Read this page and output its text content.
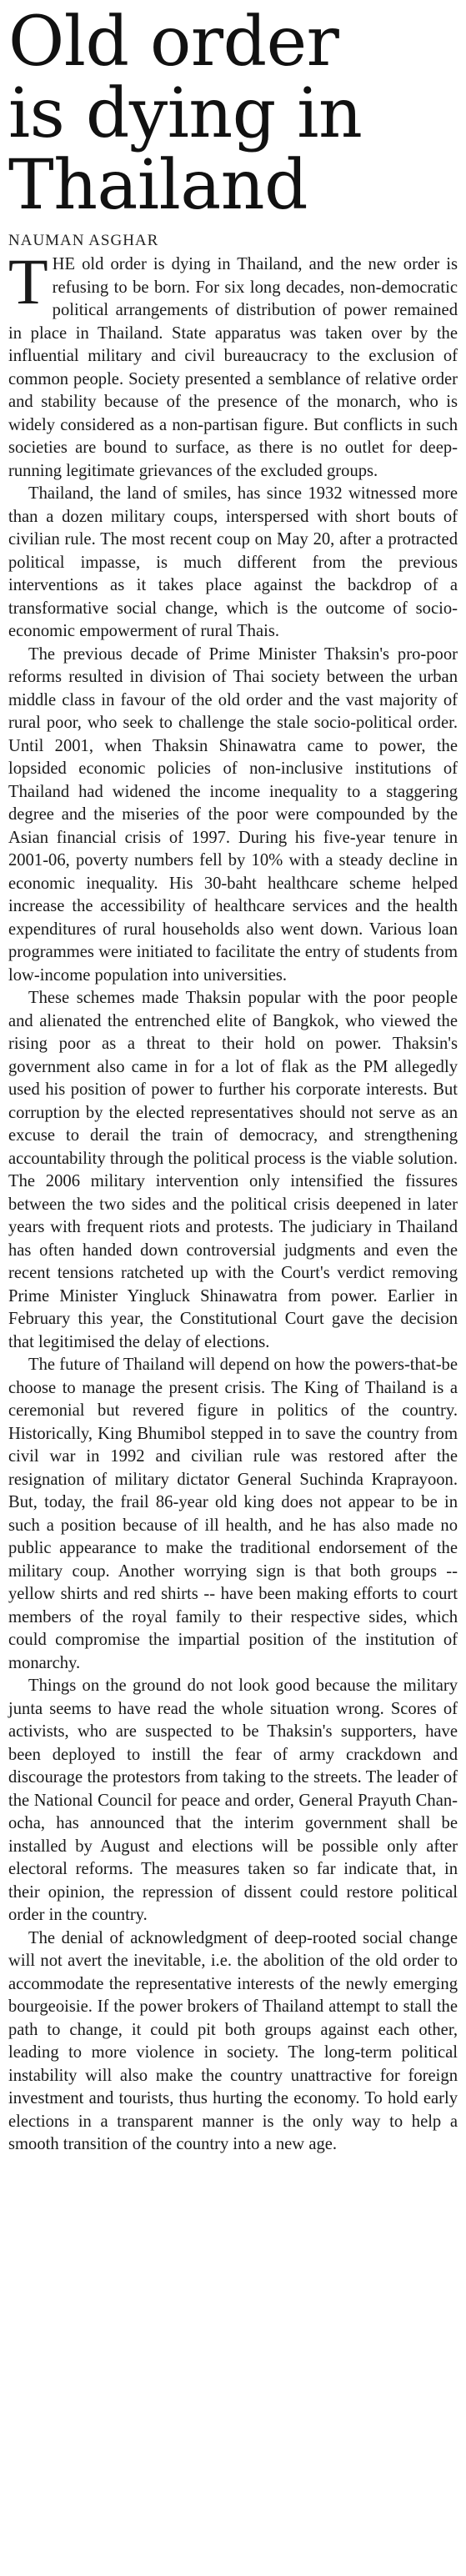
Old order
is dying in
Thailand
NAUMAN ASGHAR

THE old order is dying in Thailand, and the new order is refusing to be born. For six long decades, non-democratic political arrangements of distribution of power remained in place in Thailand. State apparatus was taken over by the influential military and civil bureaucracy to the exclusion of common people. Society presented a semblance of relative order and stability because of the presence of the monarch, who is widely considered as a non-partisan figure. But conflicts in such societies are bound to surface, as there is no outlet for deep-running legitimate grievances of the excluded groups.

Thailand, the land of smiles, has since 1932 witnessed more than a dozen military coups, interspersed with short bouts of civilian rule. The most recent coup on May 20, after a protracted political impasse, is much different from the previous interventions as it takes place against the backdrop of a transformative social change, which is the outcome of socio-economic empowerment of rural Thais.

The previous decade of Prime Minister Thaksin's pro-poor reforms resulted in division of Thai society between the urban middle class in favour of the old order and the vast majority of rural poor, who seek to challenge the stale socio-political order. Until 2001, when Thaksin Shinawatra came to power, the lopsided economic policies of non-inclusive institutions of Thailand had widened the income inequality to a staggering degree and the miseries of the poor were compounded by the Asian financial crisis of 1997. During his five-year tenure in 2001-06, poverty numbers fell by 10% with a steady decline in economic inequality. His 30-baht healthcare scheme helped increase the accessibility of healthcare services and the health expenditures of rural households also went down. Various loan programmes were initiated to facilitate the entry of students from low-income population into universities.

These schemes made Thaksin popular with the poor people and alienated the entrenched elite of Bangkok, who viewed the rising poor as a threat to their hold on power. Thaksin's government also came in for a lot of flak as the PM allegedly used his position of power to further his corporate interests. But corruption by the elected representatives should not serve as an excuse to derail the train of democracy, and strengthening accountability through the political process is the viable solution. The 2006 military intervention only intensified the fissures between the two sides and the political crisis deepened in later years with frequent riots and protests. The judiciary in Thailand has often handed down controversial judgments and even the recent tensions ratcheted up with the Court's verdict removing Prime Minister Yingluck Shinawatra from power. Earlier in February this year, the Constitutional Court gave the decision that legitimised the delay of elections.

The future of Thailand will depend on how the powers-that-be choose to manage the present crisis. The King of Thailand is a ceremonial but revered figure in politics of the country. Historically, King Bhumibol stepped in to save the country from civil war in 1992 and civilian rule was restored after the resignation of military dictator General Suchinda Kraprayoon. But, today, the frail 86-year old king does not appear to be in such a position because of ill health, and he has also made no public appearance to make the traditional endorsement of the military coup. Another worrying sign is that both groups -- yellow shirts and red shirts -- have been making efforts to court members of the royal family to their respective sides, which could compromise the impartial position of the institution of monarchy.

Things on the ground do not look good because the military junta seems to have read the whole situation wrong. Scores of activists, who are suspected to be Thaksin's supporters, have been deployed to instill the fear of army crackdown and discourage the protestors from taking to the streets. The leader of the National Council for peace and order, General Prayuth Chan-ocha, has announced that the interim government shall be installed by August and elections will be possible only after electoral reforms. The measures taken so far indicate that, in their opinion, the repression of dissent could restore political order in the country.

The denial of acknowledgment of deep-rooted social change will not avert the inevitable, i.e. the abolition of the old order to accommodate the representative interests of the newly emerging bourgeoisie. If the power brokers of Thailand attempt to stall the path to change, it could pit both groups against each other, leading to more violence in society. The long-term political instability will also make the country unattractive for foreign investment and tourists, thus hurting the economy. To hold early elections in a transparent manner is the only way to help a smooth transition of the country into a new age.
